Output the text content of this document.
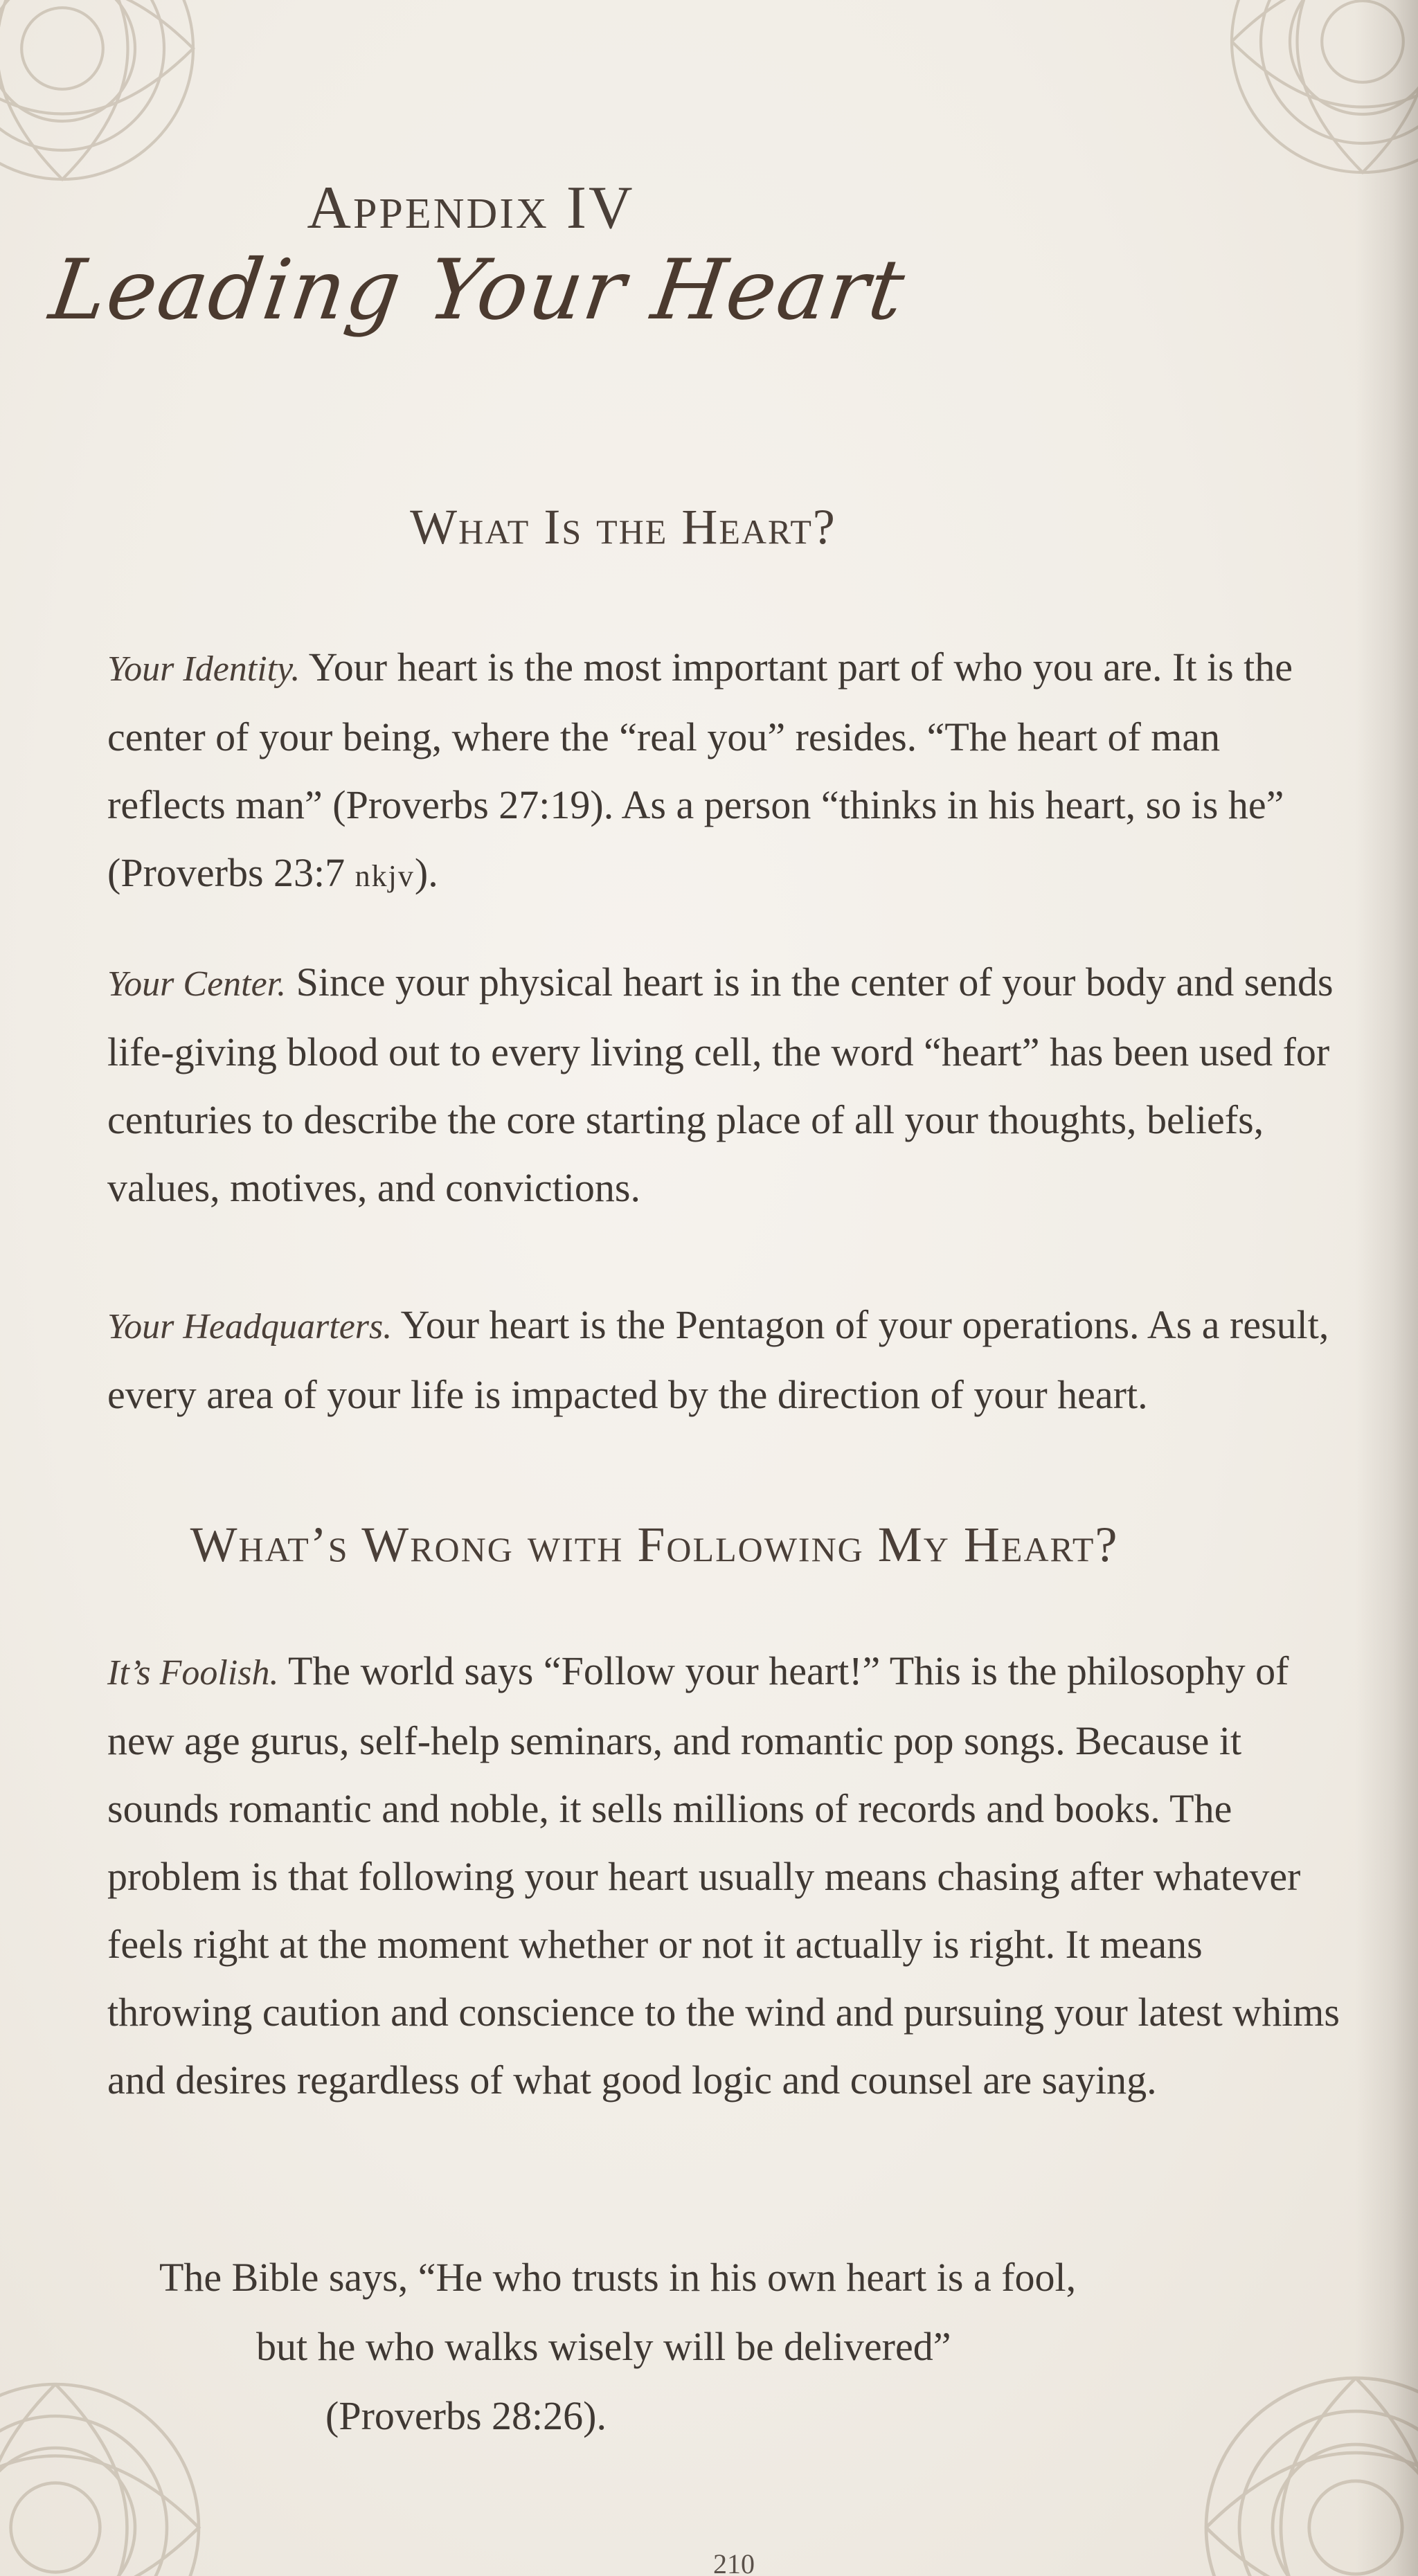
Appendix IV
Leading Your Heart
What Is the Heart?

Your Identity. Your heart is the most important part of who you are. It is the center of your being, where the “real you” resides. “The heart of man reflects man” (Proverbs 27:19). As a person “thinks in his heart, so is he” (Proverbs 23:7 nkjv).

Your Center. Since your physical heart is in the center of your body and sends life-giving blood out to every living cell, the word “heart” has been used for centuries to describe the core starting place of all your thoughts, beliefs, values, motives, and convictions.

Your Headquarters. Your heart is the Pentagon of your operations. As a result, every area of your life is impacted by the direction of your heart.

What’s Wrong with Following My Heart?

It’s Foolish. The world says “Follow your heart!” This is the philosophy of new age gurus, self-help seminars, and romantic pop songs. Because it sounds romantic and noble, it sells millions of records and books. The problem is that following your heart usually means chasing after whatever feels right at the moment whether or not it actually is right. It means throwing caution and conscience to the wind and pursuing your latest whims and desires regardless of what good logic and counsel are saying.

The Bible says, “He who trusts in his own heart is a fool,
but he who walks wisely will be delivered”
(Proverbs 28:26).
210
